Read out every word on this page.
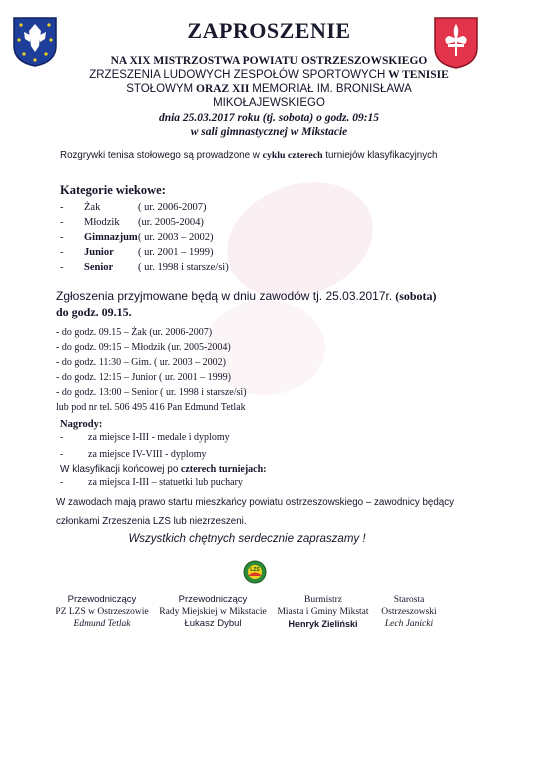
ZAPROSZENIE
NA XIX MISTRZOSTWA POWIATU OSTRZESZOWSKIEGO
ZRZESZENIA LUDOWYCH ZESPOŁÓW SPORTOWYCH W TENISIE
STOŁOWYM ORAZ XII MEMORIAŁ IM. BRONISŁAWA
MIKOŁAJEWSKIEGO
dnia 25.03.2017 roku (tj. sobota) o godz. 09:15
w sali gimnastycznej w Mikstacie
Rozgrywki tenisa stołowego są prowadzone w cyklu czterech turniejów klasyfikacyjnych
Kategorie wiekowe:
- Żak	( ur. 2006-2007)
- Młodzik (ur. 2005-2004)
- Gimnazjum( ur. 2003 – 2002)
- Junior ( ur. 2001 – 1999)
- Senior ( ur. 1998 i starsze/si)
Zgłoszenia przyjmowane będą w dniu zawodów tj. 25.03.2017r. (sobota)
do godz. 09.15.
- do godz. 09.15 – Żak (ur. 2006-2007)
- do godz. 09:15 – Młodzik (ur. 2005-2004)
- do godz. 11:30 – Gim. ( ur. 2003 – 2002)
- do godz. 12:15 – Junior ( ur. 2001 – 1999)
- do godz. 13:00 – Senior ( ur. 1998 i starsze/si)
lub pod nr tel. 506 495 416 Pan Edmund Tetlak
Nagrody:
- za miejsce I-III - medale i dyplomy
- za miejsce IV-VIII - dyplomy
W klasyfikacji końcowej po czterech turniejach:
- za miejsca I-III – statuetki lub puchary
W zawodach mają prawo startu mieszkańcy powiatu ostrzeszowskiego – zawodnicy będący
członkami Zrzeszenia LZS lub niezrzeszeni.
Wszystkich chętnych serdecznie zapraszamy !
LZS
Przewodniczący
PZ LZS w Ostrzeszowie
Edmund Tetlak
Przewodniczący
Rady Miejskiej w Mikstacie
Łukasz Dybul
Burmistrz
Miasta i Gminy Mikstat
Henryk Zieliński
Starosta
Ostrzeszowski
Lech Janicki
